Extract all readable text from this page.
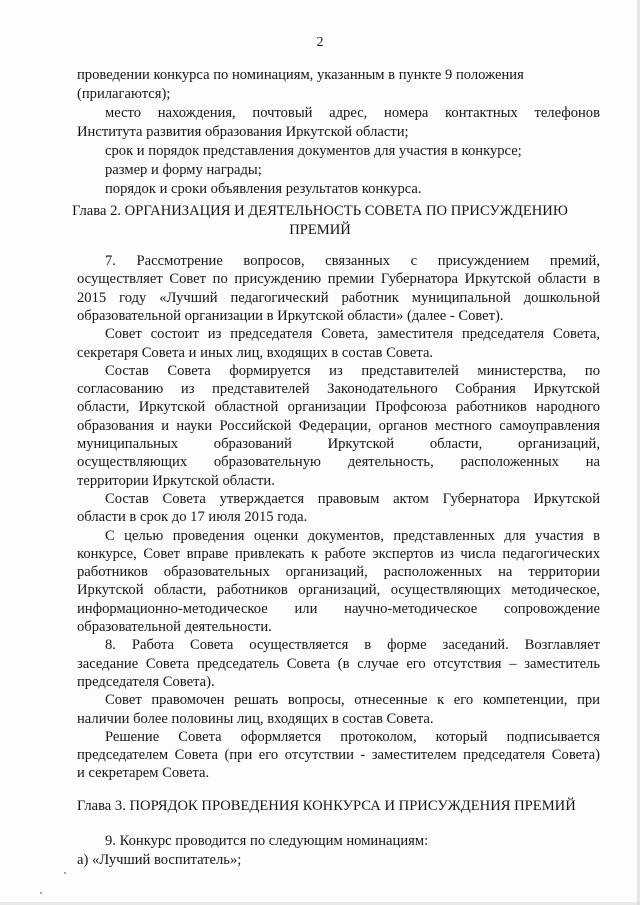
2
проведении конкурса по номинациям, указанным в пункте 9 положения
(прилагаются);
место нахождения, почтовый адрес, номера контактных телефонов
Института развития образования Иркутской области;
срок и порядок представления документов для участия в конкурсе;
размер и форму награды;
порядок и сроки объявления результатов конкурса.
Глава 2. ОРГАНИЗАЦИЯ И ДЕЯТЕЛЬНОСТЬ СОВЕТА ПО ПРИСУЖДЕНИЮ
ПРЕМИЙ
7. Рассмотрение вопросов, связанных с присуждением премий,
осуществляет Совет по присуждению премии Губернатора Иркутской области в
2015 году «Лучший педагогический работник муниципальной дошкольной
образовательной организации в Иркутской области» (далее - Совет).
Совет состоит из председателя Совета, заместителя председателя Совета,
секретаря Совета и иных лиц, входящих в состав Совета.
Состав Совета формируется из представителей министерства, по
согласованию из представителей Законодательного Собрания Иркутской
области, Иркутской областной организации Профсоюза работников народного
образования и науки Российской Федерации, органов местного самоуправления
муниципальных образований Иркутской области, организаций,
осуществляющих образовательную деятельность, расположенных на
территории Иркутской области.
Состав Совета утверждается правовым актом Губернатора Иркутской
области в срок до 17 июля 2015 года.
С целью проведения оценки документов, представленных для участия в
конкурсе, Совет вправе привлекать к работе экспертов из числа педагогических
работников образовательных организаций, расположенных на территории
Иркутской области, работников организаций, осуществляющих методическое,
информационно-методическое или научно-методическое сопровождение
образовательной деятельности.
8. Работа Совета осуществляется в форме заседаний. Возглавляет
заседание Совета председатель Совета (в случае его отсутствия – заместитель
председателя Совета).
Совет правомочен решать вопросы, отнесенные к его компетенции, при
наличии более половины лиц, входящих в состав Совета.
Решение Совета оформляется протоколом, который подписывается
председателем Совета (при его отсутствии - заместителем председателя Совета)
и секретарем Совета.
Глава 3. ПОРЯДОК ПРОВЕДЕНИЯ КОНКУРСА И ПРИСУЖДЕНИЯ ПРЕМИЙ
9. Конкурс проводится по следующим номинациям:
а) «Лучший воспитатель»;
